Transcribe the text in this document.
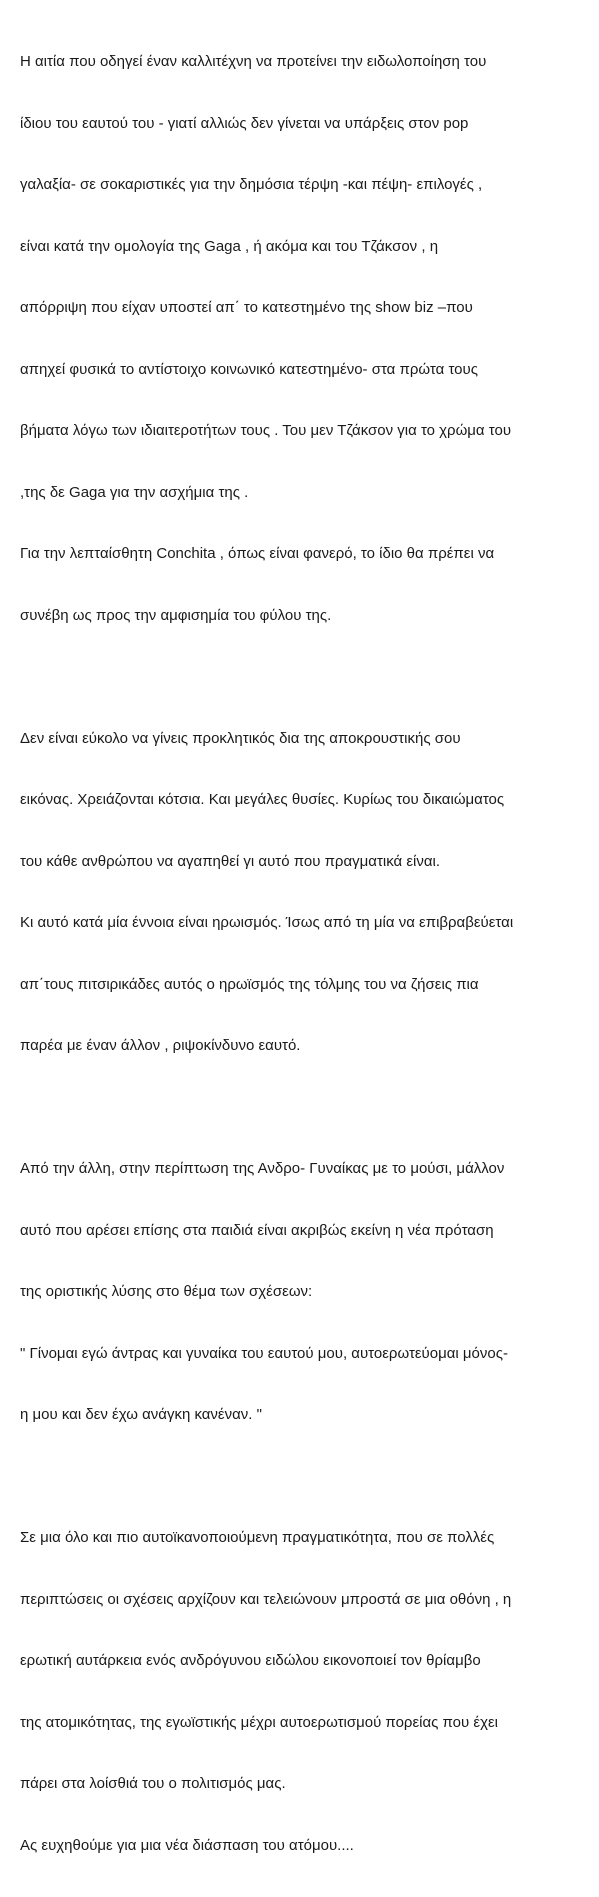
Η αιτία που οδηγεί έναν καλλιτέχνη να προτείνει την ειδωλοποίηση του

ίδιου του εαυτού του - γιατί αλλιώς δεν γίνεται να υπάρξεις στον pop

γαλαξία- σε σοκαριστικές για την δημόσια τέρψη -και πέψη- επιλογές ,

είναι κατά την ομολογία της Gaga , ή ακόμα και του Τζάκσον , η

απόρριψη που είχαν υποστεί απ΄ το κατεστημένο της show biz –που

απηχεί φυσικά το αντίστοιχο κοινωνικό κατεστημένο- στα πρώτα τους

βήματα λόγω των ιδιαιτεροτήτων τους . Του μεν Τζάκσον για το χρώμα του

,της δε Gaga για την ασχήμια της .

Για την λεπταίσθητη Conchita , όπως είναι φανερό, το ίδιο θα πρέπει να

συνέβη ως προς την αμφισημία του φύλου της.

Δεν είναι εύκολο να γίνεις προκλητικός δια της αποκρουστικής σου

εικόνας. Χρειάζονται κότσια. Και μεγάλες θυσίες. Κυρίως του δικαιώματος

του κάθε ανθρώπου να αγαπηθεί γι αυτό που πραγματικά είναι.

Κι αυτό κατά μία έννοια είναι ηρωισμός. Ίσως από τη μία να επιβραβεύεται

απ΄τους πιτσιρικάδες αυτός ο ηρωϊσμός της τόλμης του να ζήσεις πια

παρέα με έναν άλλον , ριψοκίνδυνο εαυτό.

Από την άλλη, στην περίπτωση της Ανδρο- Γυναίκας με το μούσι, μάλλον

αυτό που αρέσει επίσης στα παιδιά είναι ακριβώς εκείνη η νέα πρόταση

της οριστικής λύσης στο θέμα των σχέσεων:

" Γίνομαι εγώ άντρας και γυναίκα του εαυτού μου, αυτοερωτεύομαι μόνος-

η μου και δεν έχω ανάγκη κανέναν. "

Σε μια όλο και πιο αυτοϊκανοποιούμενη πραγματικότητα, που σε πολλές

περιπτώσεις οι σχέσεις αρχίζουν και τελειώνουν μπροστά σε μια οθόνη , η

ερωτική αυτάρκεια ενός ανδρόγυνου ειδώλου εικονοποιεί τον θρίαμβο

της ατομικότητας, της εγωϊστικής μέχρι αυτοερωτισμού πορείας που έχει

πάρει στα λοίσθιά του ο πολιτισμός μας.

Ας ευχηθούμε για μια νέα διάσπαση του ατόμου....
